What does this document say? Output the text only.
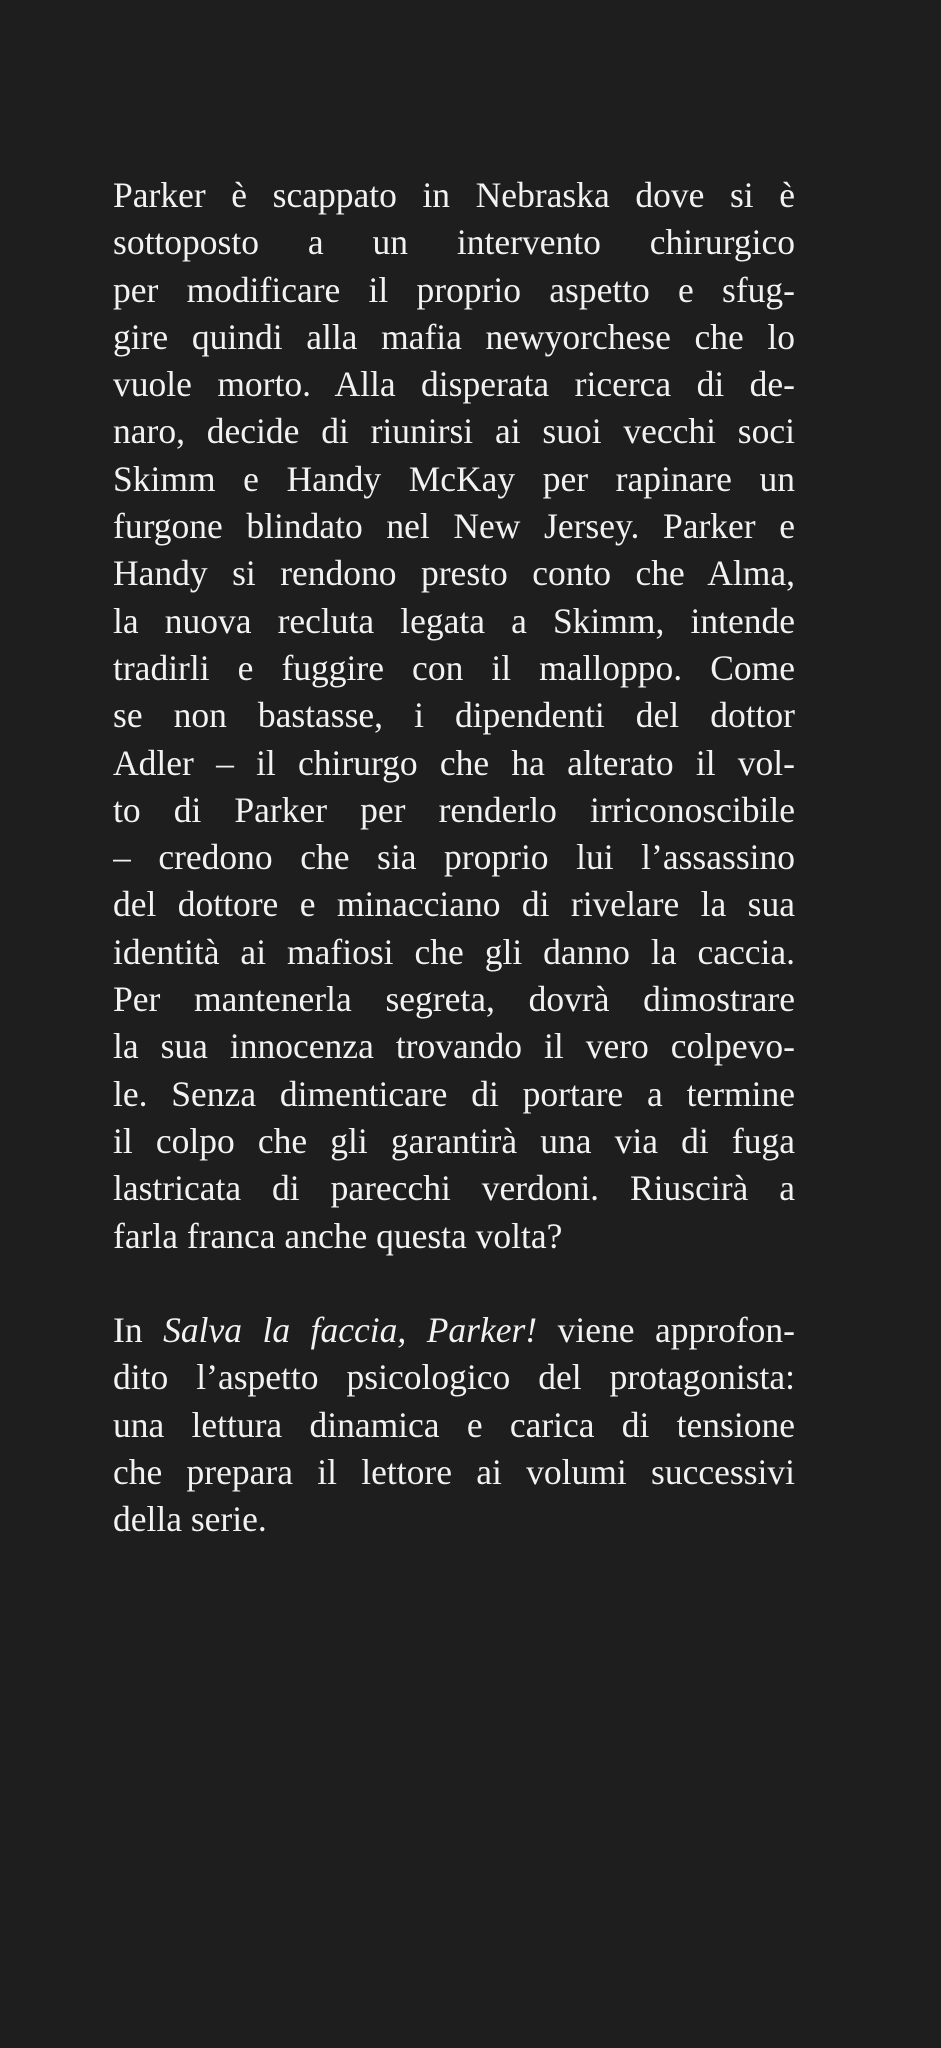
Parker è scappato in Nebraska dove si è
sottoposto a un intervento chirurgico
per modificare il proprio aspetto e sfug-
gire quindi alla mafia newyorchese che lo
vuole morto. Alla disperata ricerca di de-
naro, decide di riunirsi ai suoi vecchi soci
Skimm e Handy McKay per rapinare un
furgone blindato nel New Jersey. Parker e
Handy si rendono presto conto che Alma,
la nuova recluta legata a Skimm, intende
tradirli e fuggire con il malloppo. Come
se non bastasse, i dipendenti del dottor
Adler – il chirurgo che ha alterato il vol-
to di Parker per renderlo irriconoscibile
– credono che sia proprio lui l’assassino
del dottore e minacciano di rivelare la sua
identità ai mafiosi che gli danno la caccia.
Per mantenerla segreta, dovrà dimostrare
la sua innocenza trovando il vero colpevo-
le. Senza dimenticare di portare a termine
il colpo che gli garantirà una via di fuga
lastricata di parecchi verdoni. Riuscirà a
farla franca anche questa volta?
In Salva la faccia, Parker! viene approfon-
dito l’aspetto psicologico del protagonista:
una lettura dinamica e carica di tensione
che prepara il lettore ai volumi successivi
della serie.
